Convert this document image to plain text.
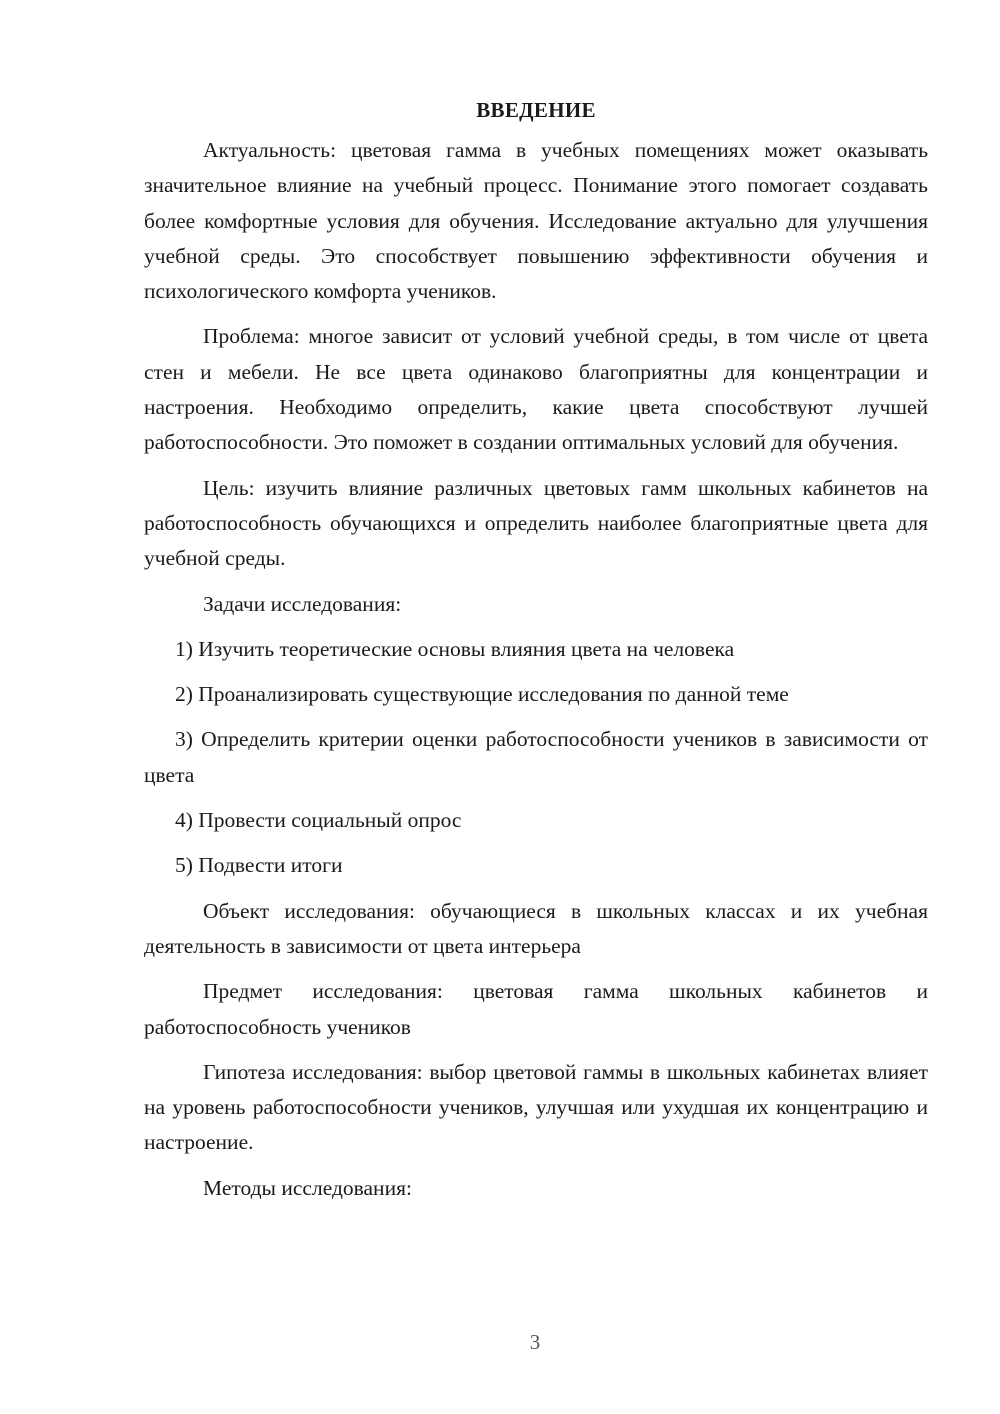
ВВЕДЕНИЕ

Актуальность: цветовая гамма в учебных помещениях может оказывать значительное влияние на учебный процесс. Понимание этого помогает создавать более комфортные условия для обучения. Исследование актуально для улучшения учебной среды. Это способствует повышению эффективности обучения и психологического комфорта учеников.

Проблема: многое зависит от условий учебной среды, в том числе от цвета стен и мебели. Не все цвета одинаково благоприятны для концентрации и настроения. Необходимо определить, какие цвета способствуют лучшей работоспособности. Это поможет в создании оптимальных условий для обучения.

Цель: изучить влияние различных цветовых гамм школьных кабинетов на работоспособность обучающихся и определить наиболее благоприятные цвета для учебной среды.

Задачи исследования:

1) Изучить теоретические основы влияния цвета на человека

2) Проанализировать существующие исследования по данной теме

3) Определить критерии оценки работоспособности учеников в зависимости от цвета

4) Провести социальный опрос

5) Подвести итоги

Объект исследования: обучающиеся в школьных классах и их учебная деятельность в зависимости от цвета интерьера

Предмет исследования: цветовая гамма школьных кабинетов и работоспособность учеников

Гипотеза исследования: выбор цветовой гаммы в школьных кабинетах влияет на уровень работоспособности учеников, улучшая или ухудшая их концентрацию и настроение.

Методы исследования:

3
